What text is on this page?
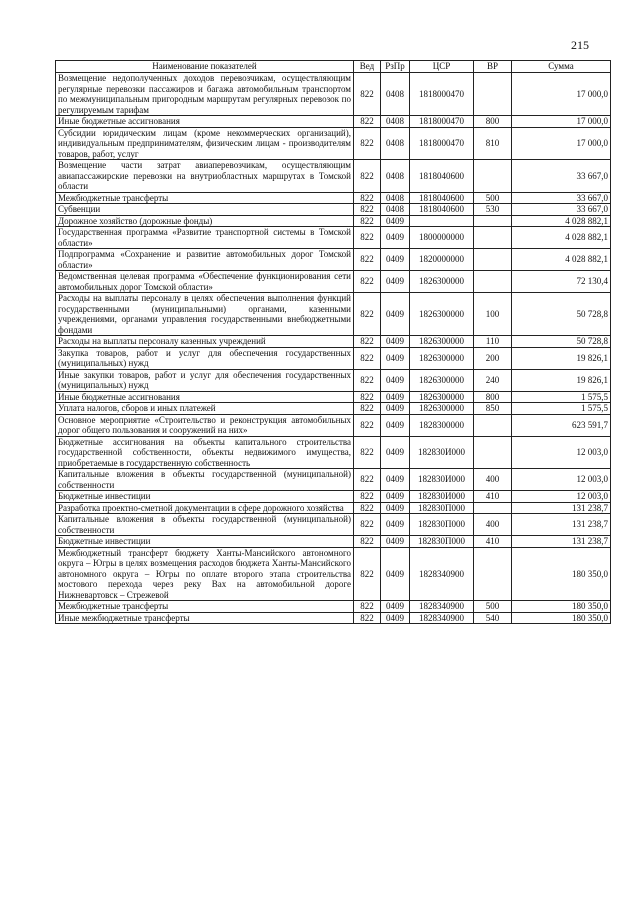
215
Наименование показателей	Вед	РзПр	ЦСР	ВР	Сумма
Возмещение недополученных доходов перевозчикам, осуществляющим регулярные перевозки пассажиров и багажа автомобильным транспортом по межмуниципальным пригородным маршрутам регулярных перевозок по регулируемым тарифам	822	0408	1818000470		17 000,0
Иные бюджетные ассигнования	822	0408	1818000470	800	17 000,0
Субсидии юридическим лицам (кроме некоммерческих организаций), индивидуальным предпринимателям, физическим лицам - производителям товаров, работ, услуг	822	0408	1818000470	810	17 000,0
Возмещение части затрат авиаперевозчикам, осуществляющим авиапассажирские перевозки на внутриобластных маршрутах в Томской области	822	0408	1818040600		33 667,0
Межбюджетные трансферты	822	0408	1818040600	500	33 667,0
Субвенции	822	0408	1818040600	530	33 667,0
Дорожное хозяйство (дорожные фонды)	822	0409			4 028 882,1
Государственная программа «Развитие транспортной системы в Томской области»	822	0409	1800000000		4 028 882,1
Подпрограмма «Сохранение и развитие автомобильных дорог Томской области»	822	0409	1820000000		4 028 882,1
Ведомственная целевая программа «Обеспечение функционирования сети автомобильных дорог Томской области»	822	0409	1826300000		72 130,4
Расходы на выплаты персоналу в целях обеспечения выполнения функций государственными (муниципальными) органами, казенными учреждениями, органами управления государственными внебюджетными фондами	822	0409	1826300000	100	50 728,8
Расходы на выплаты персоналу казенных учреждений	822	0409	1826300000	110	50 728,8
Закупка товаров, работ и услуг для обеспечения государственных (муниципальных) нужд	822	0409	1826300000	200	19 826,1
Иные закупки товаров, работ и услуг для обеспечения государственных (муниципальных) нужд	822	0409	1826300000	240	19 826,1
Иные бюджетные ассигнования	822	0409	1826300000	800	1 575,5
Уплата налогов, сборов и иных платежей	822	0409	1826300000	850	1 575,5
Основное мероприятие «Строительство и реконструкция автомобильных дорог общего пользования и сооружений на них»	822	0409	1828300000		623 591,7
Бюджетные ассигнования на объекты капитального строительства государственной собственности, объекты недвижимого имущества, приобретаемые в государственную собственность	822	0409	182830И000		12 003,0
Капитальные вложения в объекты государственной (муниципальной) собственности	822	0409	182830И000	400	12 003,0
Бюджетные инвестиции	822	0409	182830И000	410	12 003,0
Разработка проектно-сметной документации в сфере дорожного хозяйства	822	0409	182830П000		131 238,7
Капитальные вложения в объекты государственной (муниципальной) собственности	822	0409	182830П000	400	131 238,7
Бюджетные инвестиции	822	0409	182830П000	410	131 238,7
Межбюджетный трансферт бюджету Ханты-Мансийского автономного округа – Югры в целях возмещения расходов бюджета Ханты-Мансийского автономного округа – Югры по оплате второго этапа строительства мостового перехода через реку Вах на автомобильной дороге Нижневартовск – Стрежевой	822	0409	1828340900		180 350,0
Межбюджетные трансферты	822	0409	1828340900	500	180 350,0
Иные межбюджетные трансферты	822	0409	1828340900	540	180 350,0
